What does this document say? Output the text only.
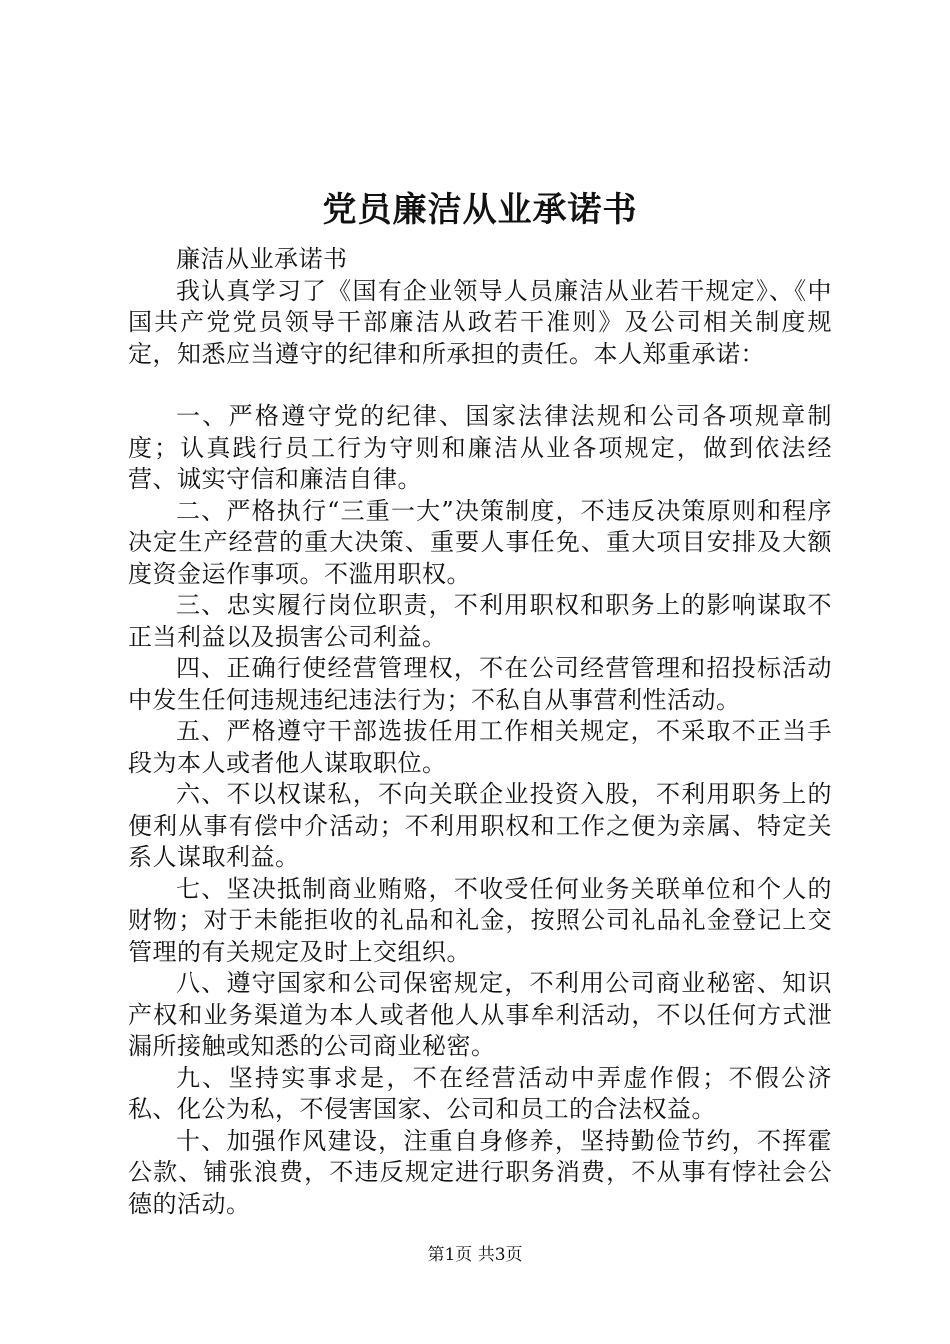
党员廉洁从业承诺书

廉洁从业承诺书

我认真学习了《国有企业领导人员廉洁从业若干规定》、《中国共产党党员领导干部廉洁从政若干准则》及公司相关制度规定，知悉应当遵守的纪律和所承担的责任。本人郑重承诺：

一、严格遵守党的纪律、国家法律法规和公司各项规章制度；认真践行员工行为守则和廉洁从业各项规定，做到依法经营、诚实守信和廉洁自律。

二、严格执行“三重一大”决策制度，不违反决策原则和程序决定生产经营的重大决策、重要人事任免、重大项目安排及大额度资金运作事项。不滥用职权。

三、忠实履行岗位职责，不利用职权和职务上的影响谋取不正当利益以及损害公司利益。

四、正确行使经营管理权，不在公司经营管理和招投标活动中发生任何违规违纪违法行为；不私自从事营利性活动。

五、严格遵守干部选拔任用工作相关规定，不采取不正当手段为本人或者他人谋取职位。

六、不以权谋私，不向关联企业投资入股，不利用职务上的便利从事有偿中介活动；不利用职权和工作之便为亲属、特定关系人谋取利益。

七、坚决抵制商业贿赂，不收受任何业务关联单位和个人的财物；对于未能拒收的礼品和礼金，按照公司礼品礼金登记上交管理的有关规定及时上交组织。

八、遵守国家和公司保密规定，不利用公司商业秘密、知识产权和业务渠道为本人或者他人从事牟利活动，不以任何方式泄漏所接触或知悉的公司商业秘密。

九、坚持实事求是，不在经营活动中弄虚作假；不假公济私、化公为私，不侵害国家、公司和员工的合法权益。

十、加强作风建设，注重自身修养，坚持勤俭节约，不挥霍公款、铺张浪费，不违反规定进行职务消费，不从事有悖社会公德的活动。

第1页 共3页
